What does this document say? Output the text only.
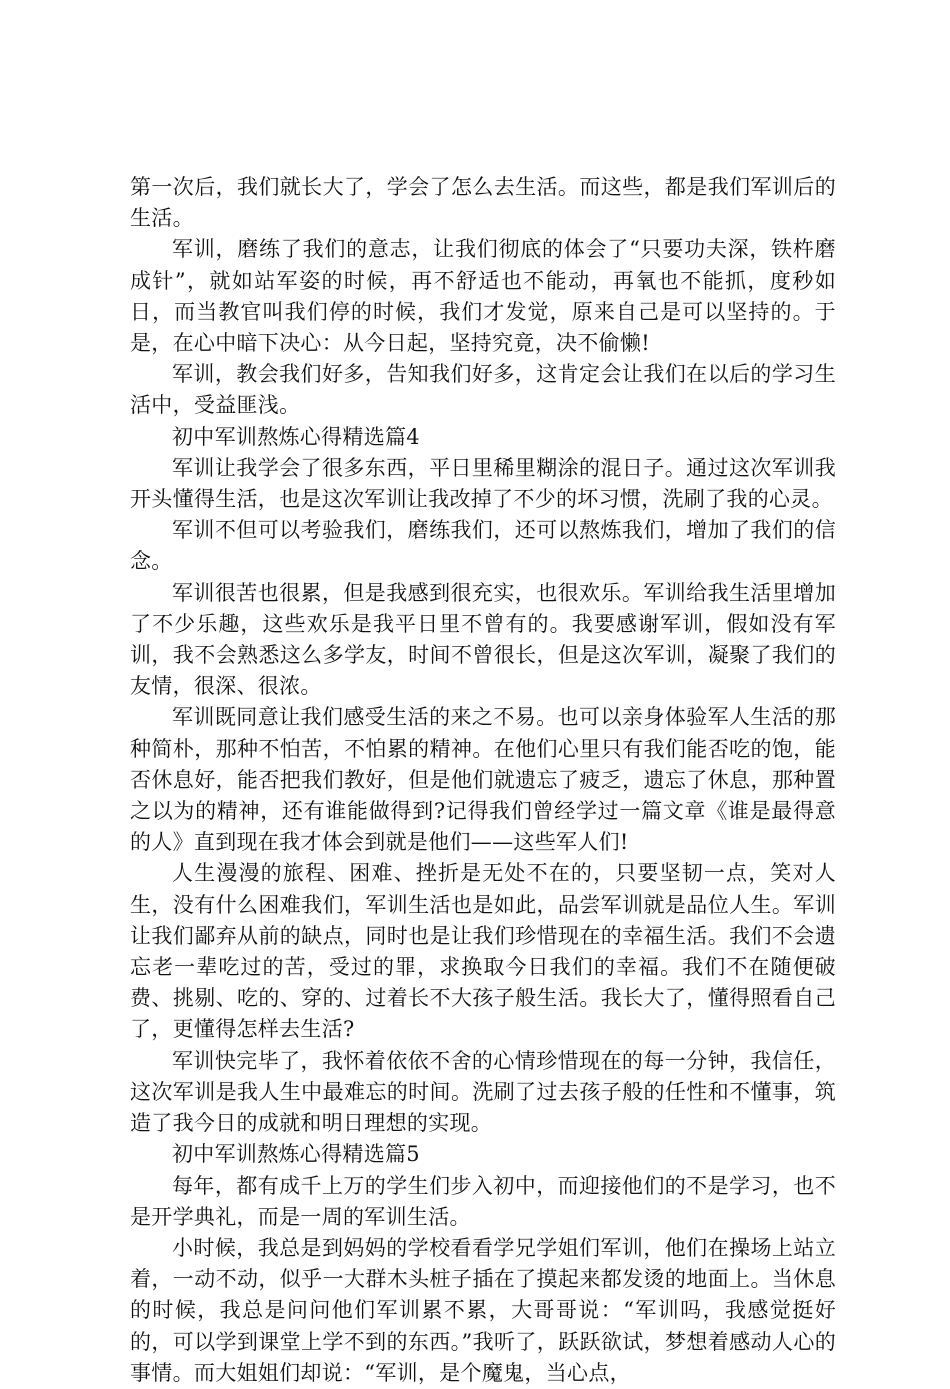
第一次后，我们就长大了，学会了怎么去生活。而这些，都是我们军训后的生活。

军训，磨练了我们的意志，让我们彻底的体会了“只要功夫深，铁杵磨成针”，就如站军姿的时候，再不舒适也不能动，再氧也不能抓，度秒如日，而当教官叫我们停的时候，我们才发觉，原来自己是可以坚持的。于是，在心中暗下决心：从今日起，坚持究竟，决不偷懒!

军训，教会我们好多，告知我们好多，这肯定会让我们在以后的学习生活中，受益匪浅。

初中军训熬炼心得精选篇4

军训让我学会了很多东西，平日里稀里糊涂的混日子。通过这次军训我开头懂得生活，也是这次军训让我改掉了不少的坏习惯，洗刷了我的心灵。

军训不但可以考验我们，磨练我们，还可以熬炼我们，增加了我们的信念。

军训很苦也很累，但是我感到很充实，也很欢乐。军训给我生活里增加了不少乐趣，这些欢乐是我平日里不曾有的。我要感谢军训，假如没有军训，我不会熟悉这么多学友，时间不曾很长，但是这次军训，凝聚了我们的友情，很深、很浓。

军训既同意让我们感受生活的来之不易。也可以亲身体验军人生活的那种简朴，那种不怕苦，不怕累的精神。在他们心里只有我们能否吃的饱，能否休息好，能否把我们教好，但是他们就遗忘了疲乏，遗忘了休息，那种置之以为的精神，还有谁能做得到?记得我们曾经学过一篇文章《谁是最得意的人》直到现在我才体会到就是他们——这些军人们!

人生漫漫的旅程、困难、挫折是无处不在的，只要坚韧一点，笑对人生，没有什么困难我们，军训生活也是如此，品尝军训就是品位人生。军训让我们鄙弃从前的缺点，同时也是让我们珍惜现在的幸福生活。我们不会遗忘老一辈吃过的苦，受过的罪，求换取今日我们的幸福。我们不在随便破费、挑剔、吃的、穿的、过着长不大孩子般生活。我长大了，懂得照看自己了，更懂得怎样去生活?

军训快完毕了，我怀着依依不舍的心情珍惜现在的每一分钟，我信任，这次军训是我人生中最难忘的时间。洗刷了过去孩子般的任性和不懂事，筑造了我今日的成就和明日理想的实现。

初中军训熬炼心得精选篇5

每年，都有成千上万的学生们步入初中，而迎接他们的不是学习，也不是开学典礼，而是一周的军训生活。

小时候，我总是到妈妈的学校看看学兄学姐们军训，他们在操场上站立着，一动不动，似乎一大群木头桩子插在了摸起来都发烫的地面上。当休息的时候，我总是问问他们军训累不累，大哥哥说：“军训吗，我感觉挺好的，可以学到课堂上学不到的东西。”我听了，跃跃欲试，梦想着感动人心的事情。而大姐姐们却说：“军训，是个魔鬼，当心点，
